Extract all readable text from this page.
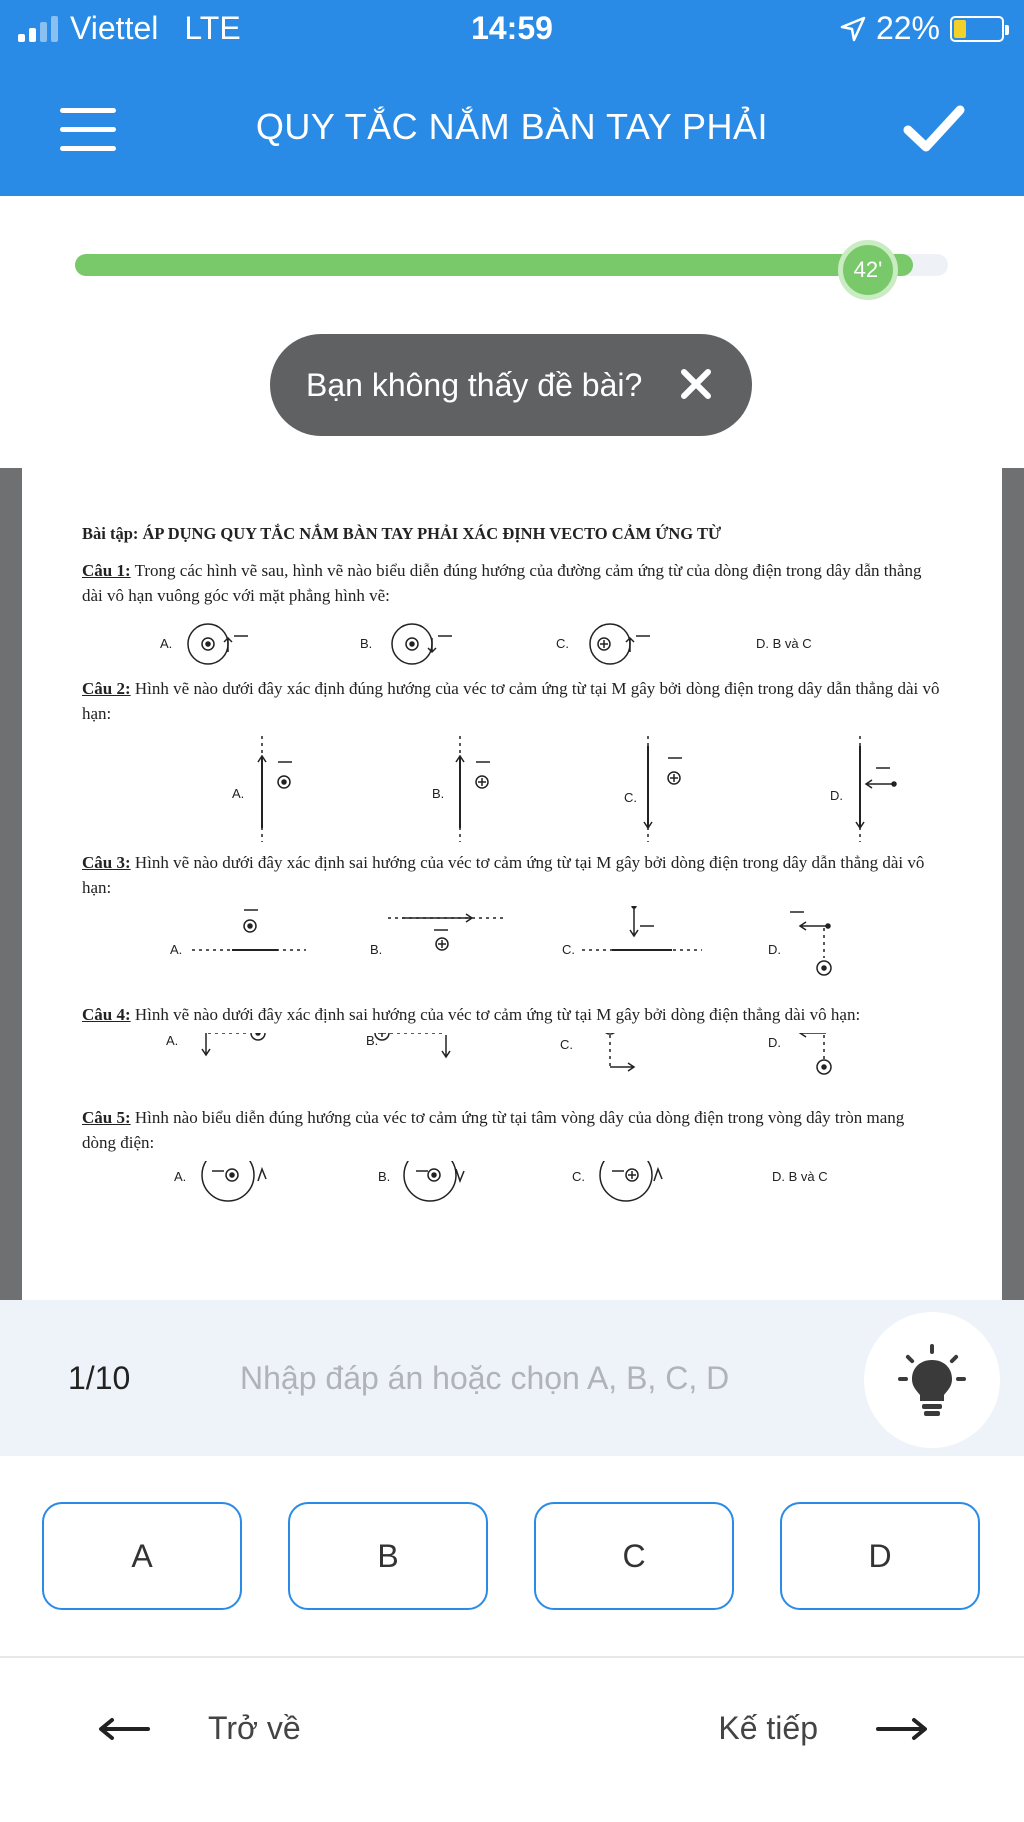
Viettel LTE	14:59	22%
QUY TẮC NẮM BÀN TAY PHẢI
42'
Bạn không thấy đề bài?
Bài tập: ÁP DỤNG QUY TẮC NẮM BÀN TAY PHẢI XÁC ĐỊNH VECTO CẢM ỨNG TỪ
Câu 1: Trong các hình vẽ sau, hình vẽ nào biểu diễn đúng hướng của đường cảm ứng từ của dòng điện trong dây dẫn thẳng dài vô hạn vuông góc với mặt phẳng hình vẽ:
A.	B.	C.	D. B và C
Câu 2: Hình vẽ nào dưới đây xác định đúng hướng của véc tơ cảm ứng từ tại M gây bởi dòng điện trong dây dẫn thẳng dài vô hạn:
A.	B.	C.	D.
Câu 3: Hình vẽ nào dưới đây xác định sai hướng của véc tơ cảm ứng từ tại M gây bởi dòng điện trong dây dẫn thẳng dài vô hạn:
A.	B.	C.	D.
Câu 4: Hình vẽ nào dưới đây xác định sai hướng của véc tơ cảm ứng từ tại M gây bởi dòng điện thẳng dài vô hạn:
A.	B.	C.	D.
Câu 5: Hình nào biểu diễn đúng hướng của véc tơ cảm ứng từ tại tâm vòng dây của dòng điện trong vòng dây tròn mang dòng điện:
A.	B.	C.	D. B và C
1/10
Nhập đáp án hoặc chọn A, B, C, D
A	B	C	D
Trở về	Kế tiếp
